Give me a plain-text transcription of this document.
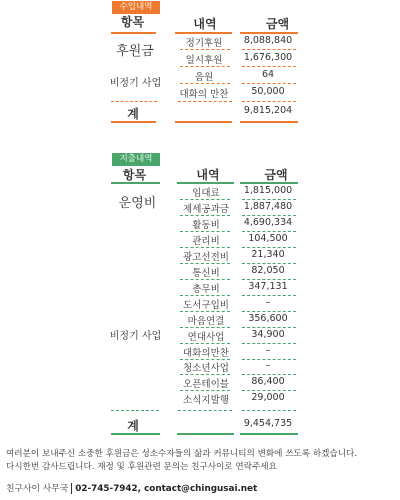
수입내역
항목	내역	금액
후원금
비정기 사업
정기후원	8,088,840
일시후원	1,676,300
음원	64
대화의 만찬	50,000
계	9,815,204
지출내역
항목	내역	금액
운영비
비정기 사업
임대료	1,815,000
제세공과금	1,887,480
활동비	4,690,334
관리비	104,500
광고선전비	21,340
통신비	82,050
총무비	347,131
도서구입비	–
마음연결	356,600
연대사업	34,900
대화의만찬	–
청소년사업	–
오픈테이블	86,400
소식지발행	29,000
계	9,454,735
여러분이 보내주신 소중한 후원금은 성소수자들의 삶과 커뮤니티의 변화에 쓰도록 하겠습니다.
다시한번 감사드립니다. 재정 및 후원관련 문의는 친구사이로 연락주세요
친구사이 사무국 02-745-7942, contact@chingusai.net
